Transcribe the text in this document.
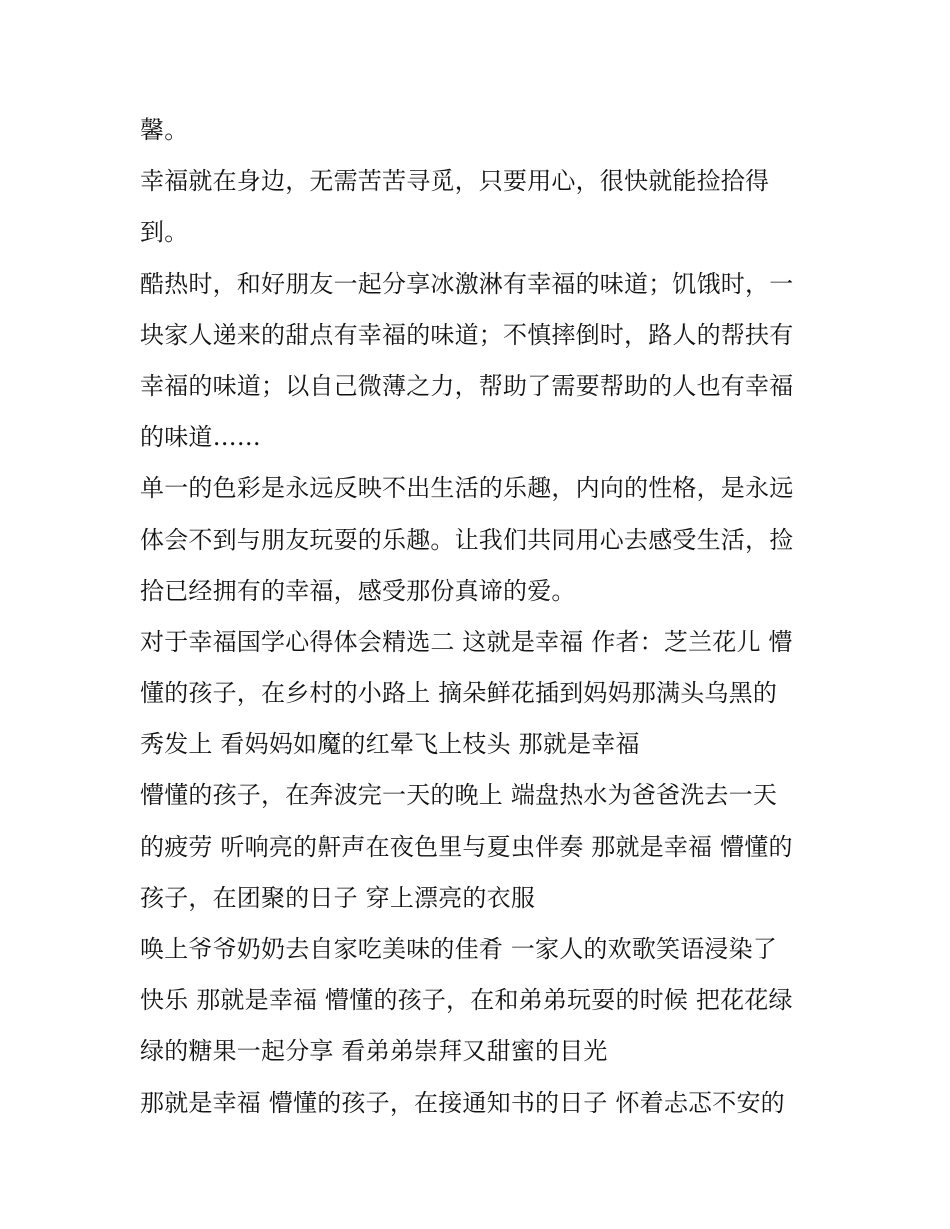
馨。
幸福就在身边，无需苦苦寻觅，只要用心，很快就能捡拾得
到。
酷热时，和好朋友一起分享冰激淋有幸福的味道；饥饿时，一
块家人递来的甜点有幸福的味道；不慎摔倒时，路人的帮扶有
幸福的味道；以自己微薄之力，帮助了需要帮助的人也有幸福
的味道……
单一的色彩是永远反映不出生活的乐趣，内向的性格，是永远
体会不到与朋友玩耍的乐趣。让我们共同用心去感受生活，捡
拾已经拥有的幸福，感受那份真谛的爱。
对于幸福国学心得体会精选二 这就是幸福 作者：芝兰花儿 懵
懂的孩子，在乡村的小路上 摘朵鲜花插到妈妈那满头乌黑的
秀发上 看妈妈如魔的红晕飞上枝头 那就是幸福
懵懂的孩子，在奔波完一天的晚上 端盘热水为爸爸洗去一天
的疲劳 听响亮的鼾声在夜色里与夏虫伴奏 那就是幸福 懵懂的
孩子，在团聚的日子 穿上漂亮的衣服
唤上爷爷奶奶去自家吃美味的佳肴 一家人的欢歌笑语浸染了
快乐 那就是幸福 懵懂的孩子，在和弟弟玩耍的时候 把花花绿
绿的糖果一起分享 看弟弟崇拜又甜蜜的目光
那就是幸福 懵懂的孩子，在接通知书的日子 怀着忐忑不安的
